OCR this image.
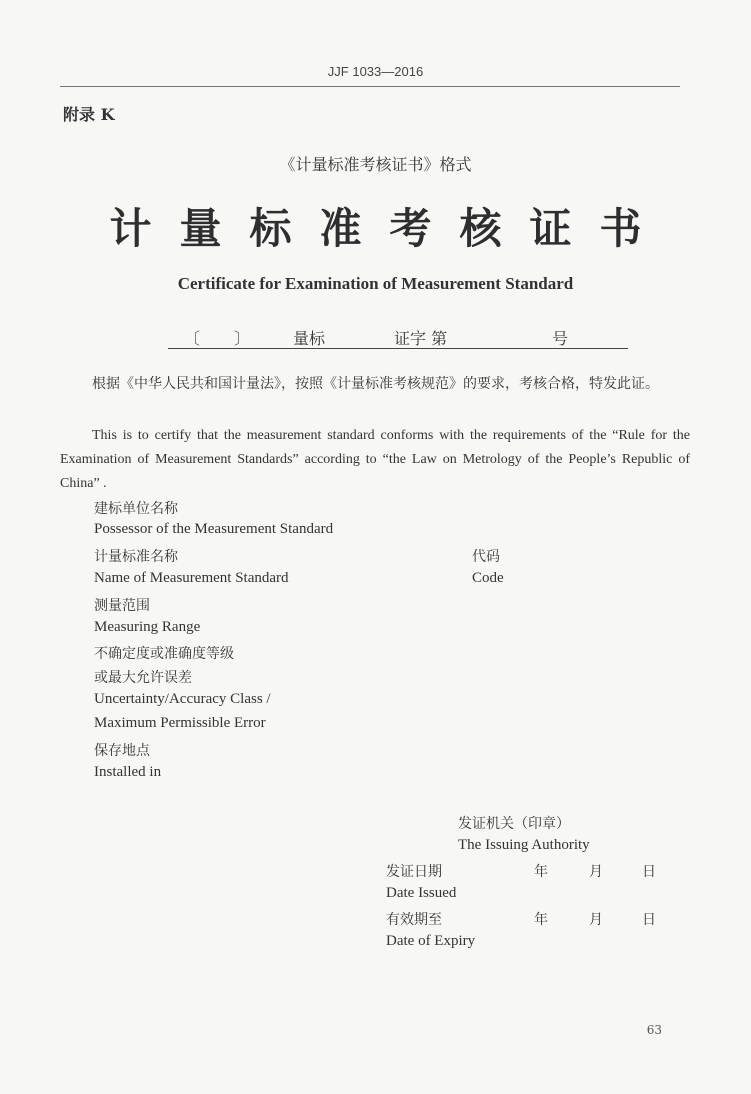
JJF 1033—2016
附录 K
《计量标准考核证书》格式
计量标准考核证书
Certificate for Examination of Measurement Standard
〔 〕	量标	证字 第	号
根据《中华人民共和国计量法》，按照《计量标准考核规范》的要求，考核合格，特发此证。
This is to certify that the measurement standard conforms with the requirements of the “Rule for the Examination of Measurement Standards” according to “the Law on Metrology of the People’s Republic of China” .
建标单位名称
Possessor of the Measurement Standard
计量标准名称
Name of Measurement Standard
代码
Code
测量范围
Measuring Range
不确定度或准确度等级
或最大允许误差
Uncertainty/Accuracy Class /
Maximum Permissible Error
保存地点
Installed in
发证机关（印章）
The Issuing Authority
发证日期	年	月	日
Date Issued
有效期至	年	月	日
Date of Expiry
63
